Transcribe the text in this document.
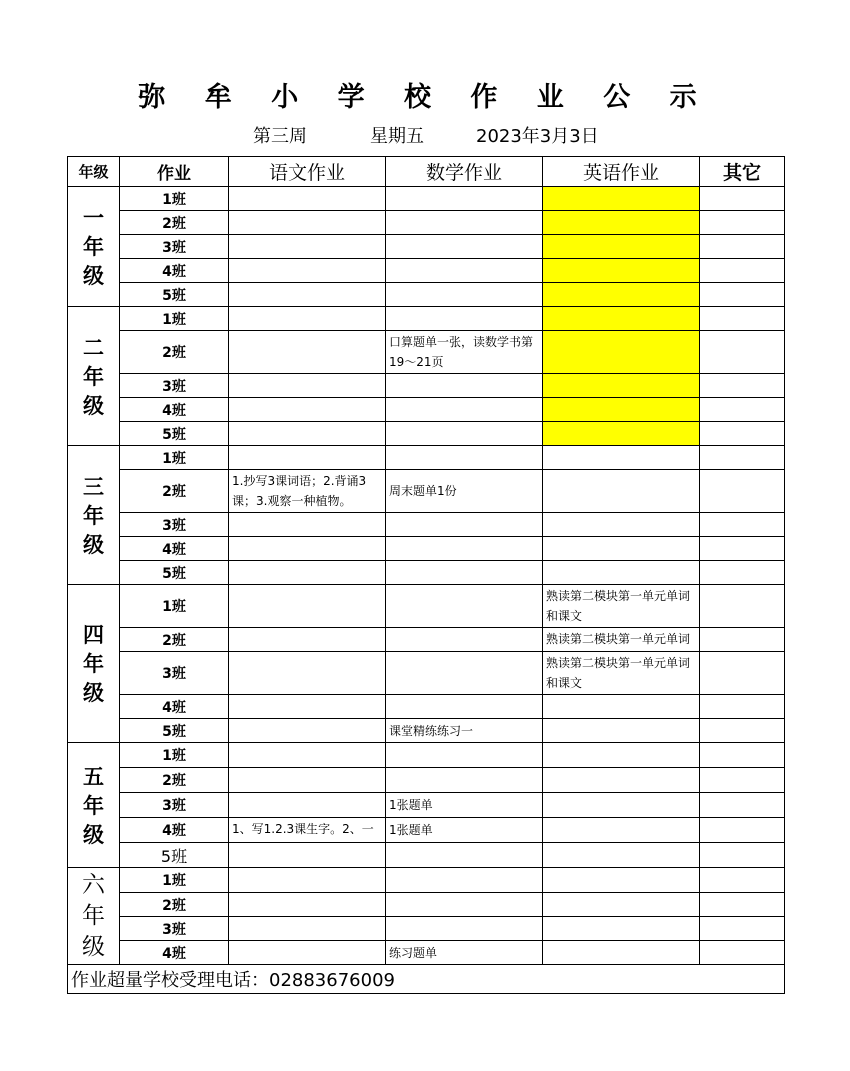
弥 牟 小 学 校 作 业 公 示
第三周	星期五	2023年3月3日
年级	作业	语文作业	数学作业	英语作业	其它
一
年
级	1班	

	2班	

	3班	

	4班	

	5班	

二
年
级	1班	

	2班		口算题单一张，读数学书第19～21页		

	3班	

	4班	

	5班	

三
年
级	1班	

	2班	1.抄写3课词语；2.背诵3课；3.观察一种植物。	周末题单1份		

	3班	

	4班	

	5班	

四
年
级	1班			熟读第二模块第一单元单词和课文	

	2班			熟读第二模块第一单元单词	

	3班			熟读第二模块第一单元单词和课文	

	4班	

	5班		课堂精练练习一		

五
年
级	1班	

	2班	

	3班		1张题单		

	4班	1、写1.2.3课生字。2、一	1张题单		

	5班	

六
年
级	1班	

	2班	

	3班	

	4班		练习题单		

作业超量学校受理电话：02883676009					
